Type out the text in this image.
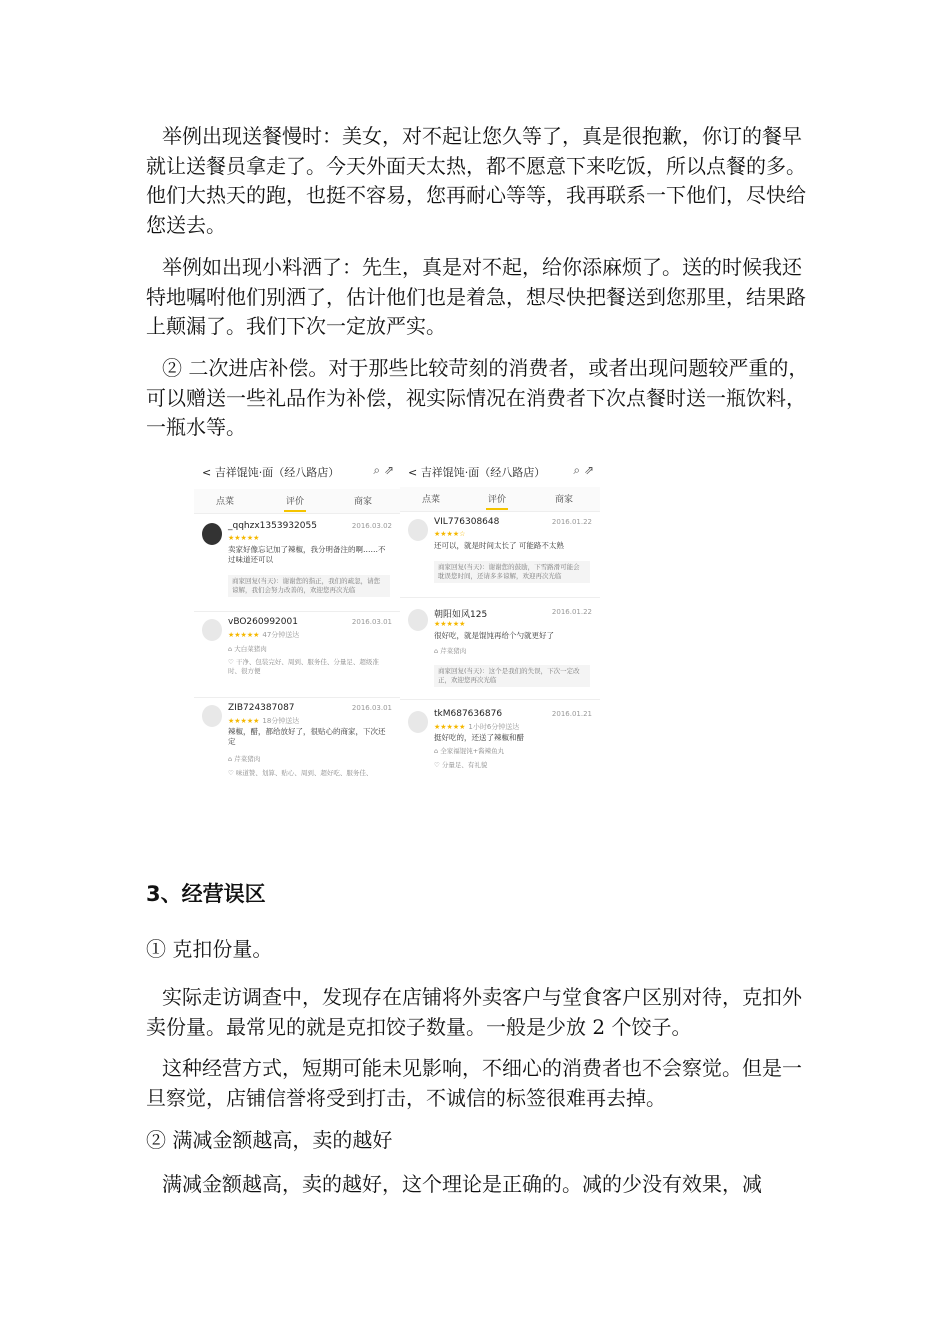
举例出现送餐慢时：美女，对不起让您久等了，真是很抱歉，你订的餐早就让送餐员拿走了。今天外面天太热，都不愿意下来吃饭，所以点餐的多。他们大热天的跑，也挺不容易，您再耐心等等，我再联系一下他们，尽快给您送去。

举例如出现小料洒了：先生，真是对不起，给你添麻烦了。送的时候我还特地嘱咐他们别洒了，估计他们也是着急，想尽快把餐送到您那里，结果路上颠漏了。我们下次一定放严实。

② 二次进店补偿。对于那些比较苛刻的消费者，或者出现问题较严重的，可以赠送一些礼品作为补偿，视实际情况在消费者下次点餐时送一瓶饮料，一瓶水等。

< 吉祥馄饨·面（经八路店）	⌕ ⇗
点菜	评价	商家
_qqhzx1353932055	2016.03.02
★★★★★
卖家好像忘记加了辣椒，我分明备注的啊……不过味道还可以
商家回复(当天)：谢谢您的指正，我们的疏忽，请您谅解，我们会努力改善的，欢迎您再次光临
vBO260992001	2016.03.01
★★★★★ 47分钟送达
⌂ 大白菜猪肉
♡ 干净、包装完好、周到、服务佳、分量足、超级准时、很方便
ZIB724387087	2016.03.01
★★★★★ 18分钟送达
辣椒，醋，都给放好了，很贴心的商家，下次还定
⌂ 芹菜猪肉
♡ 味道赞、划算、贴心、周到、超好吃、服务佳、
< 吉祥馄饨·面（经八路店） ⌕ ⇗
点菜	评价	商家
VIL776308648	2016.01.22
★★★★☆
还可以，就是时间太长了 可能路不太熟
商家回复(当天)：谢谢您的鼓励，下雪路滑可能会耽误您时间，还请多多谅解，欢迎再次光临
朝阳如风125	2016.01.22
★★★★★
很好吃，就是馄饨再给个勺就更好了
⌂ 芹菜猪肉
商家回复(当天)：这个是我们的失误，下次一定改正，欢迎您再次光临
tkM687636876	2016.01.21
★★★★★ 1小时6分钟送达
挺好吃的，还送了辣椒和醋
⌂ 全家福馄饨+酱辣鱼丸
♡ 分量足、有礼貌
3、经营误区

① 克扣份量。

实际走访调查中，发现存在店铺将外卖客户与堂食客户区别对待，克扣外卖份量。最常见的就是克扣饺子数量。一般是少放 2 个饺子。

这种经营方式，短期可能未见影响，不细心的消费者也不会察觉。但是一旦察觉，店铺信誉将受到打击，不诚信的标签很难再去掉。

② 满减金额越高，卖的越好

满减金额越高，卖的越好，这个理论是正确的。减的少没有效果，减
